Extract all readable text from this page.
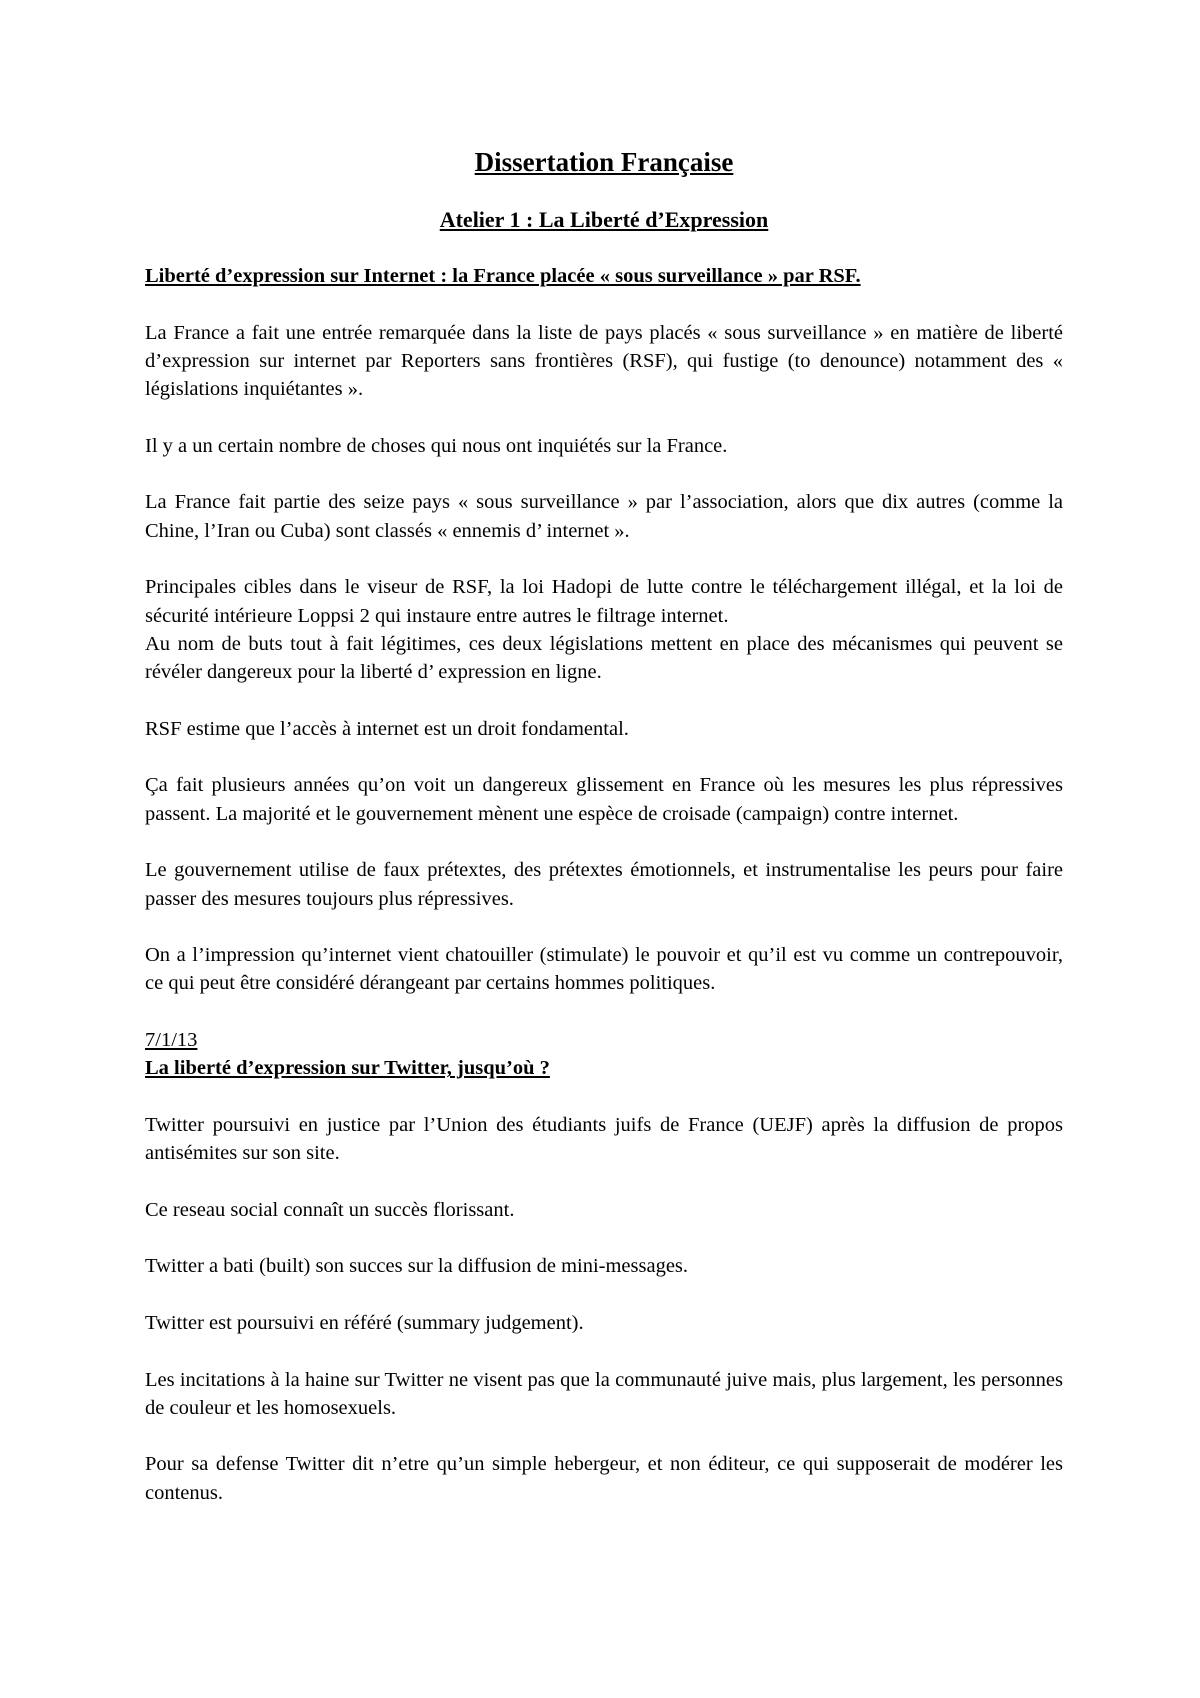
Dissertation Française
Atelier 1 : La Liberté d’Expression

Liberté d’expression sur Internet : la France placée « sous surveillance » par RSF.

La France a fait une entrée remarquée dans la liste de pays placés « sous surveillance » en matière de liberté d’expression sur internet par Reporters sans frontières (RSF), qui fustige (to denounce) notamment des « législations inquiétantes ».

Il y a un certain nombre de choses qui nous ont inquiétés sur la France.

La France fait partie des seize pays « sous surveillance » par l’association, alors que dix autres (comme la Chine, l’Iran ou Cuba) sont classés « ennemis d’ internet ».

Principales cibles dans le viseur de RSF, la loi Hadopi de lutte contre le téléchargement illégal, et la loi de sécurité intérieure Loppsi 2 qui instaure entre autres le filtrage internet.

Au nom de buts tout à fait légitimes, ces deux législations mettent en place des mécanismes qui peuvent se révéler dangereux pour la liberté d’ expression en ligne.

RSF estime que l’accès à internet est un droit fondamental.

Ça fait plusieurs années qu’on voit un dangereux glissement en France où les mesures les plus répressives passent. La majorité et le gouvernement mènent une espèce de croisade (campaign) contre internet.

Le gouvernement utilise de faux prétextes, des prétextes émotionnels, et instrumentalise les peurs pour faire passer des mesures toujours plus répressives.

On a l’impression qu’internet vient chatouiller (stimulate) le pouvoir et qu’il est vu comme un contrepouvoir, ce qui peut être considéré dérangeant par certains hommes politiques.

7/1/13

La liberté d’expression sur Twitter, jusqu’où ?

Twitter poursuivi en justice par l’Union des étudiants juifs de France (UEJF) après la diffusion de propos antisémites sur son site.

Ce reseau social connaît un succès florissant.

Twitter a bati (built) son succes sur la diffusion de mini-messages.

Twitter est poursuivi en référé (summary judgement).

Les incitations à la haine sur Twitter ne visent pas que la communauté juive mais, plus largement, les personnes de couleur et les homosexuels.

Pour sa defense Twitter dit n’etre qu’un simple hebergeur, et non éditeur, ce qui supposerait de modérer les contenus.
